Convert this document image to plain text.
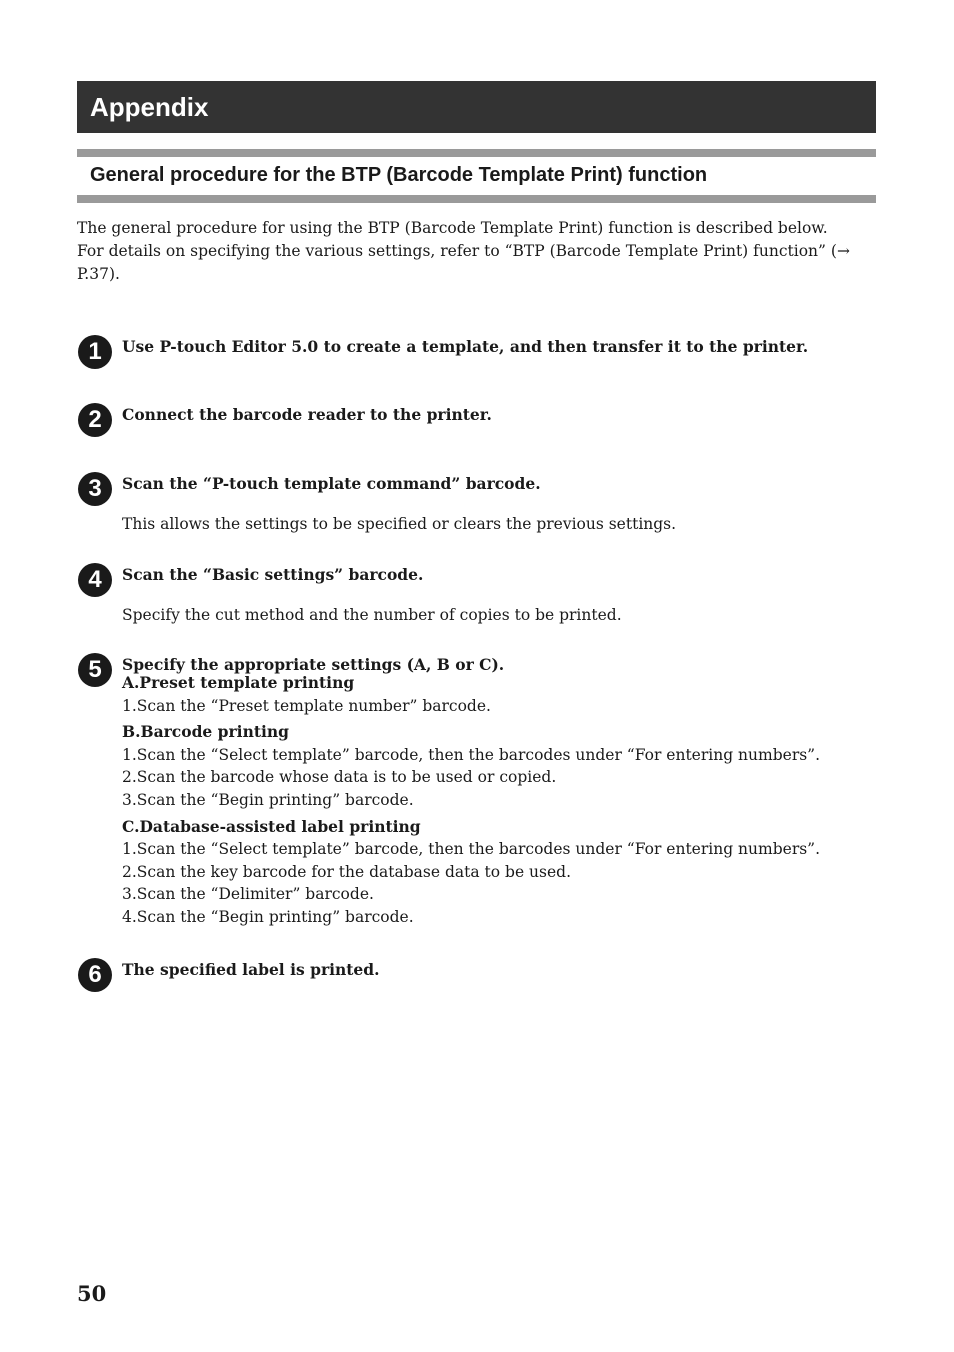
Appendix
General procedure for the BTP (Barcode Template Print) function

The general procedure for using the BTP (Barcode Template Print) function is described below.

For details on specifying the various settings, refer to “BTP (Barcode Template Print) function” (→ P.37).

1	Use P-touch Editor 5.0 to create a template, and then transfer it to the printer.
2	Connect the barcode reader to the printer.
3	Scan the “P-touch template command” barcode.
This allows the settings to be specified or clears the previous settings.
4	Scan the “Basic settings” barcode.
Specify the cut method and the number of copies to be printed.
5	Specify the appropriate settings (A, B or C).
A.Preset template printing
1.Scan the “Preset template number” barcode.
B.Barcode printing
1.Scan the “Select template” barcode, then the barcodes under “For entering numbers”.
2.Scan the barcode whose data is to be used or copied.
3.Scan the “Begin printing” barcode.
C.Database-assisted label printing
1.Scan the “Select template” barcode, then the barcodes under “For entering numbers”.
2.Scan the key barcode for the database data to be used.
3.Scan the “Delimiter” barcode.
4.Scan the “Begin printing” barcode.
6	The specified label is printed.
50
